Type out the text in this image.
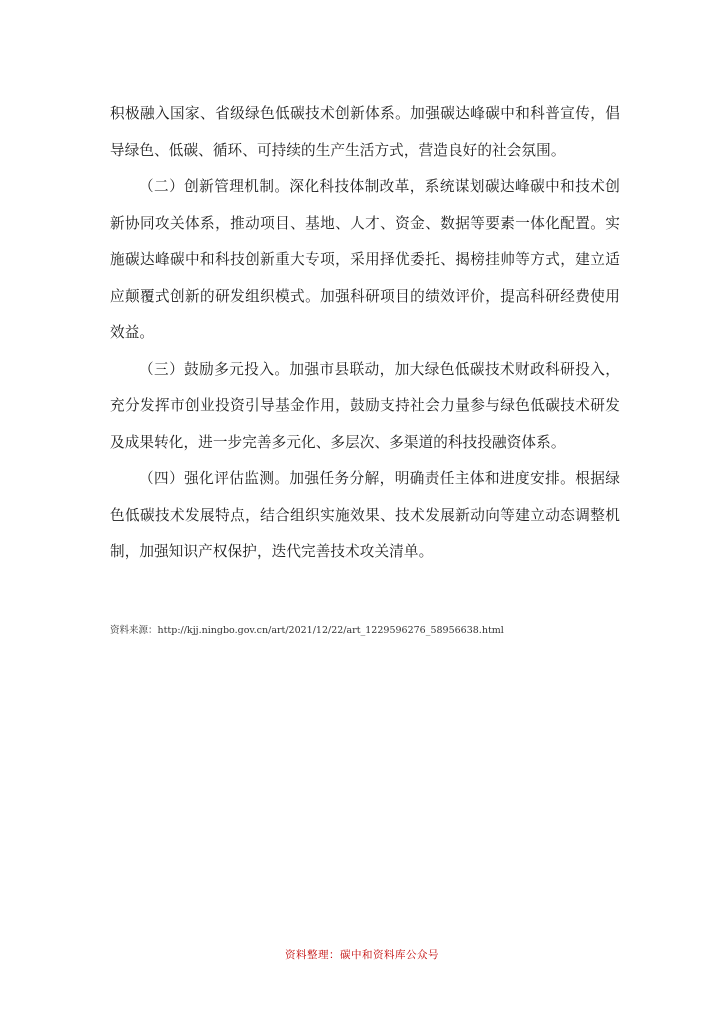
积极融入国家、省级绿色低碳技术创新体系。加强碳达峰碳中和科普宣传，倡导绿色、低碳、循环、可持续的生产生活方式，营造良好的社会氛围。

（二）创新管理机制。深化科技体制改革，系统谋划碳达峰碳中和技术创新协同攻关体系，推动项目、基地、人才、资金、数据等要素一体化配置。实施碳达峰碳中和科技创新重大专项，采用择优委托、揭榜挂帅等方式，建立适应颠覆式创新的研发组织模式。加强科研项目的绩效评价，提高科研经费使用效益。

（三）鼓励多元投入。加强市县联动，加大绿色低碳技术财政科研投入，充分发挥市创业投资引导基金作用，鼓励支持社会力量参与绿色低碳技术研发及成果转化，进一步完善多元化、多层次、多渠道的科技投融资体系。

（四）强化评估监测。加强任务分解，明确责任主体和进度安排。根据绿色低碳技术发展特点，结合组织实施效果、技术发展新动向等建立动态调整机制，加强知识产权保护，迭代完善技术攻关清单。

资料来源：http://kjj.ningbo.gov.cn/art/2021/12/22/art_1229596276_58956638.html
资料整理：碳中和资料库公众号
